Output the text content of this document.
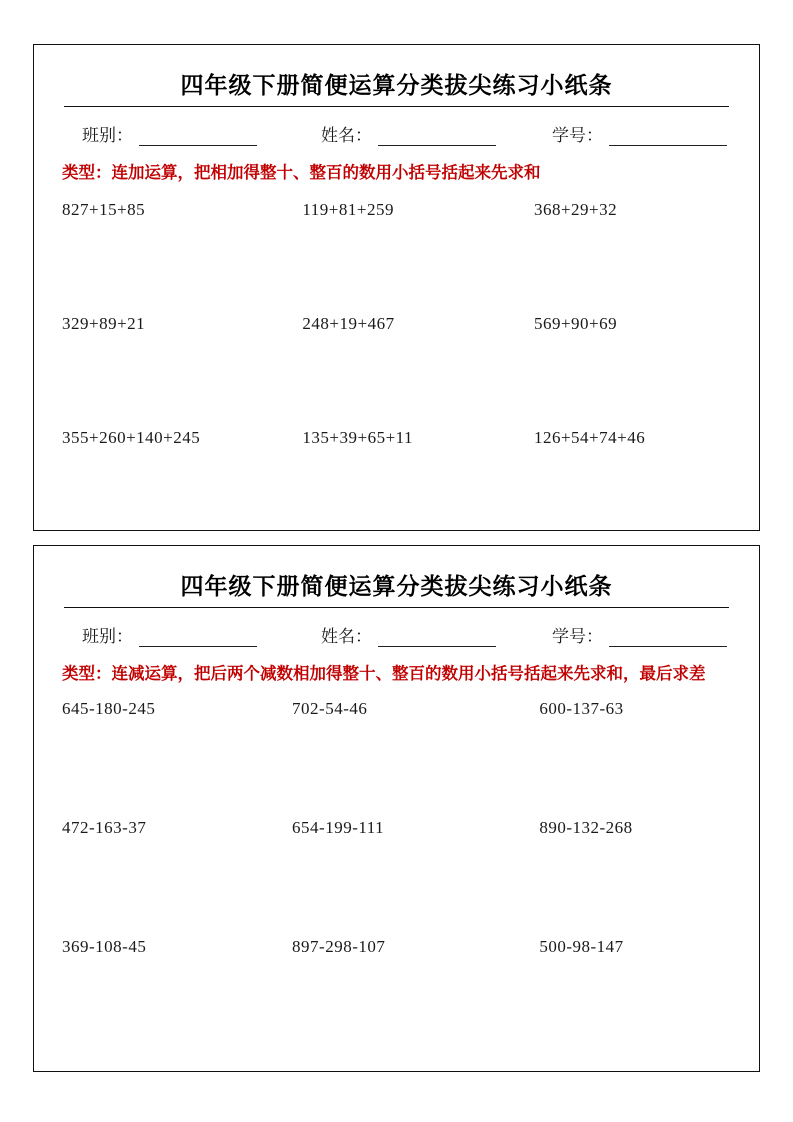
四年级下册简便运算分类拔尖练习小纸条
班别：	姓名：	学号：
类型：连加运算，把相加得整十、整百的数用小括号括起来先求和
827+15+85	119+81+259	368+29+32
329+89+21	248+19+467	569+90+69
355+260+140+245	135+39+65+11	126+54+74+46
四年级下册简便运算分类拔尖练习小纸条
班别：	姓名：	学号：
类型：连减运算，把后两个减数相加得整十、整百的数用小括号括起来先求和，最后求差
645-180-245	702-54-46	600-137-63
472-163-37	654-199-111	890-132-268
369-108-45	897-298-107	500-98-147
